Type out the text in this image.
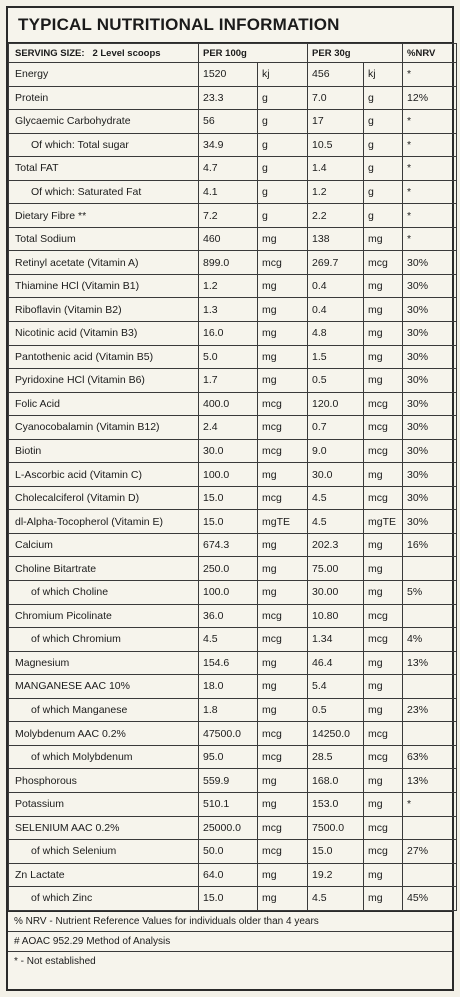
TYPICAL NUTRITIONAL INFORMATION
SERVING SIZE: 2 Level scoops	PER 100g		PER 30g		%NRV
Energy	1520	kj	456	kj	*
Protein	23.3	g	7.0	g	12%
Glycaemic Carbohydrate	56	g	17	g	*
Of which: Total sugar	34.9	g	10.5	g	*
Total FAT	4.7	g	1.4	g	*
Of which: Saturated Fat	4.1	g	1.2	g	*
Dietary Fibre **	7.2	g	2.2	g	*
Total Sodium	460	mg	138	mg	*
Retinyl acetate (Vitamin A)	899.0	mcg	269.7	mcg	30%
Thiamine HCl (Vitamin B1)	1.2	mg	0.4	mg	30%
Riboflavin (Vitamin B2)	1.3	mg	0.4	mg	30%
Nicotinic acid (Vitamin B3)	16.0	mg	4.8	mg	30%
Pantothenic acid (Vitamin B5)	5.0	mg	1.5	mg	30%
Pyridoxine HCl (Vitamin B6)	1.7	mg	0.5	mg	30%
Folic Acid	400.0	mcg	120.0	mcg	30%
Cyanocobalamin (Vitamin B12)	2.4	mcg	0.7	mcg	30%
Biotin	30.0	mcg	9.0	mcg	30%
L-Ascorbic acid (Vitamin C)	100.0	mg	30.0	mg	30%
Cholecalciferol (Vitamin D)	15.0	mcg	4.5	mcg	30%
dl-Alpha-Tocopherol (Vitamin E)	15.0	mgTE	4.5	mgTE	30%
Calcium	674.3	mg	202.3	mg	16%
Choline Bitartrate	250.0	mg	75.00	mg	
of which Choline	100.0	mg	30.00	mg	5%
Chromium Picolinate	36.0	mcg	10.80	mcg	
of which Chromium	4.5	mcg	1.34	mcg	4%
Magnesium	154.6	mg	46.4	mg	13%
MANGANESE AAC 10%	18.0	mg	5.4	mg	
of which Manganese	1.8	mg	0.5	mg	23%
Molybdenum AAC 0.2%	47500.0	mcg	14250.0	mcg	
of which Molybdenum	95.0	mcg	28.5	mcg	63%
Phosphorous	559.9	mg	168.0	mg	13%
Potassium	510.1	mg	153.0	mg	*
SELENIUM AAC 0.2%	25000.0	mcg	7500.0	mcg	
of which Selenium	50.0	mcg	15.0	mcg	27%
Zn Lactate	64.0	mg	19.2	mg	
of which Zinc	15.0	mg	4.5	mg	45%
% NRV - Nutrient Reference Values for individuals older than 4 years
# AOAC 952.29 Method of Analysis
* - Not established
